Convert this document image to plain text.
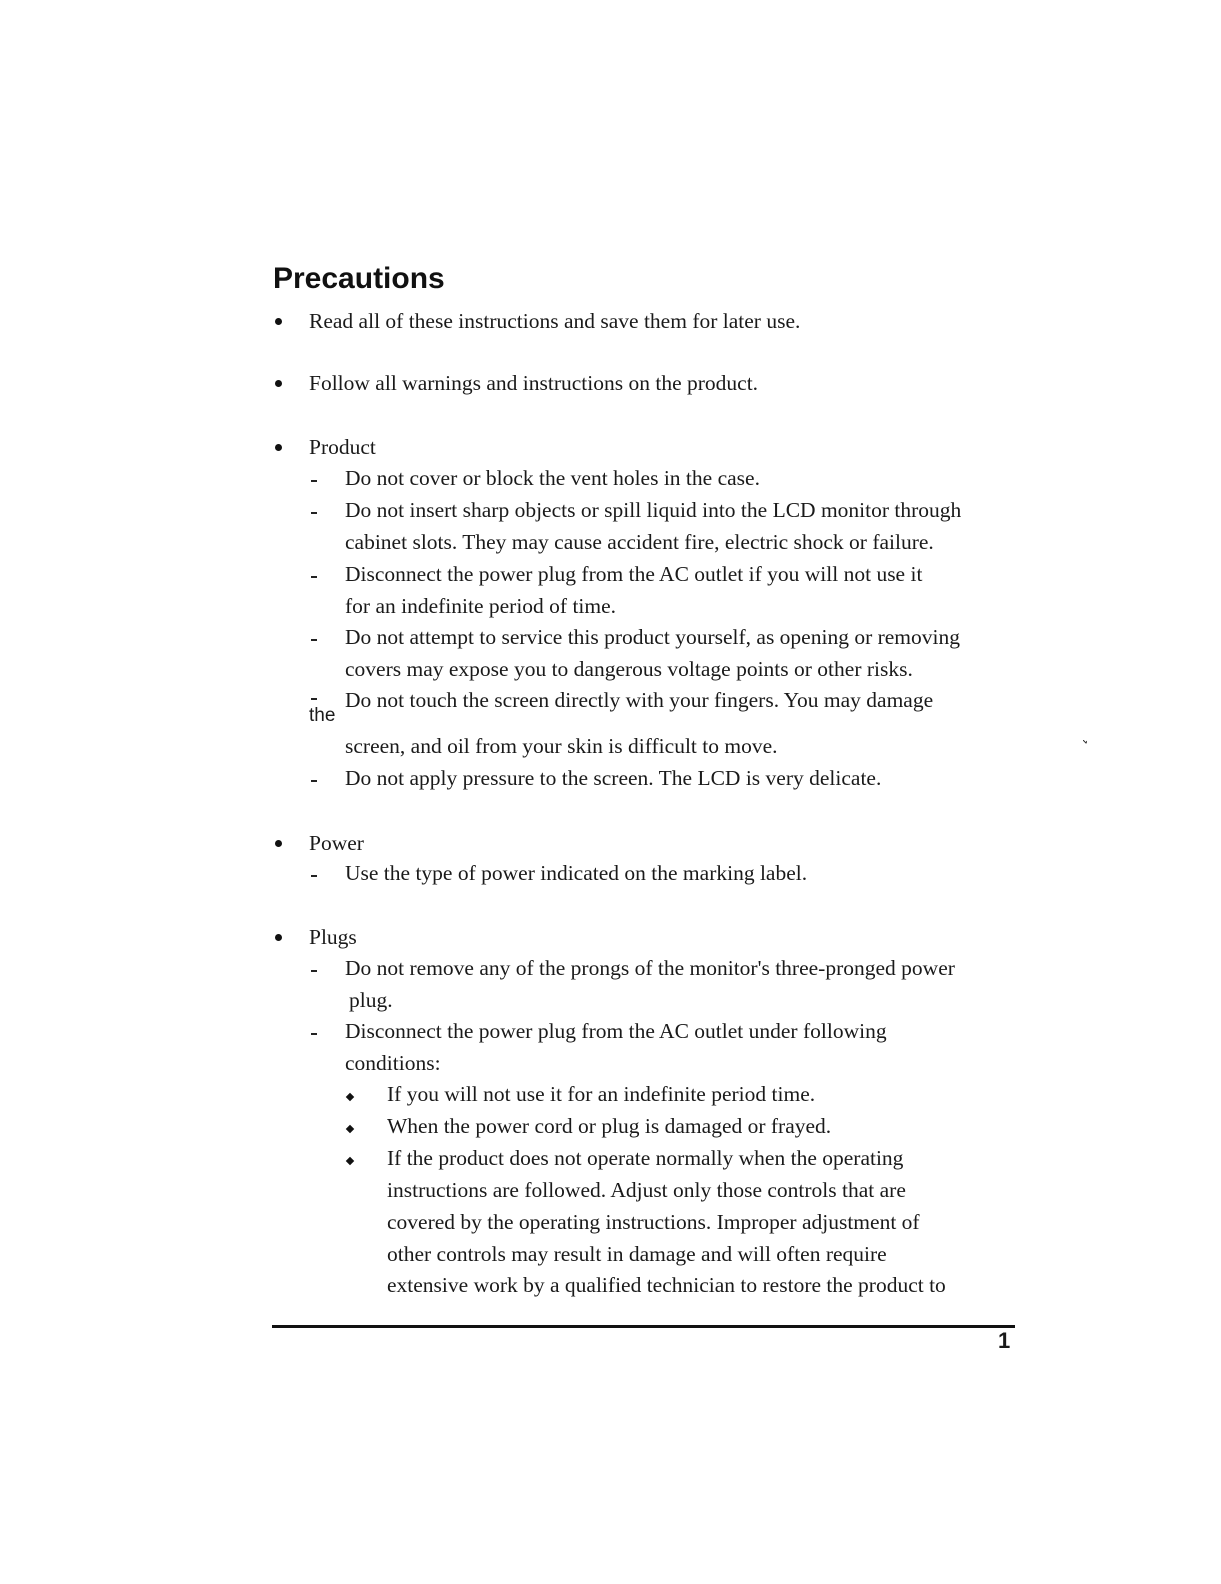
Precautions
Read all of these instructions and save them for later use.
Follow all warnings and instructions on the product.
Product
Do not cover or block the vent holes in the case.
Do not insert sharp objects or spill liquid into the LCD monitor through
cabinet slots. They may cause accident fire, electric shock or failure.
Disconnect the power plug from the AC outlet if you will not use it
for an indefinite period of time.
Do not attempt to service this product yourself, as opening or removing
covers may expose you to dangerous voltage points or other risks.
the
Do not touch the screen directly with your fingers. You may damage
screen, and oil from your skin is difficult to move.
Do not apply pressure to the screen. The LCD is very delicate.
Power
Use the type of power indicated on the marking label.
Plugs
Do not remove any of the prongs of the monitor's three-pronged power
plug.
Disconnect the power plug from the AC outlet under following
conditions:
If you will not use it for an indefinite period time.
When the power cord or plug is damaged or frayed.
If the product does not operate normally when the operating
instructions are followed. Adjust only those controls that are
covered by the operating instructions. Improper adjustment of
other controls may result in damage and will often require
extensive work by a qualified technician to restore the product to
1
